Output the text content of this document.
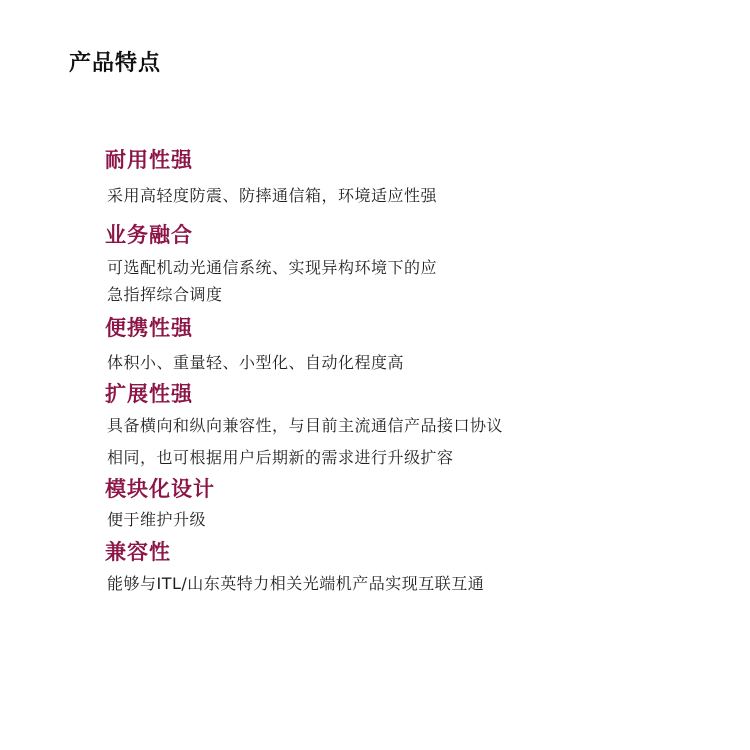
产品特点
耐用性强
采用高轻度防震、防摔通信箱，环境适应性强
业务融合
可选配机动光通信系统、实现异构环境下的应
急指挥综合调度
便携性强
体积小、重量轻、小型化、自动化程度高
扩展性强
具备横向和纵向兼容性，与目前主流通信产品接口协议
相同，也可根据用户后期新的需求进行升级扩容
模块化设计
便于维护升级
兼容性
能够与ITL/山东英特力相关光端机产品实现互联互通
